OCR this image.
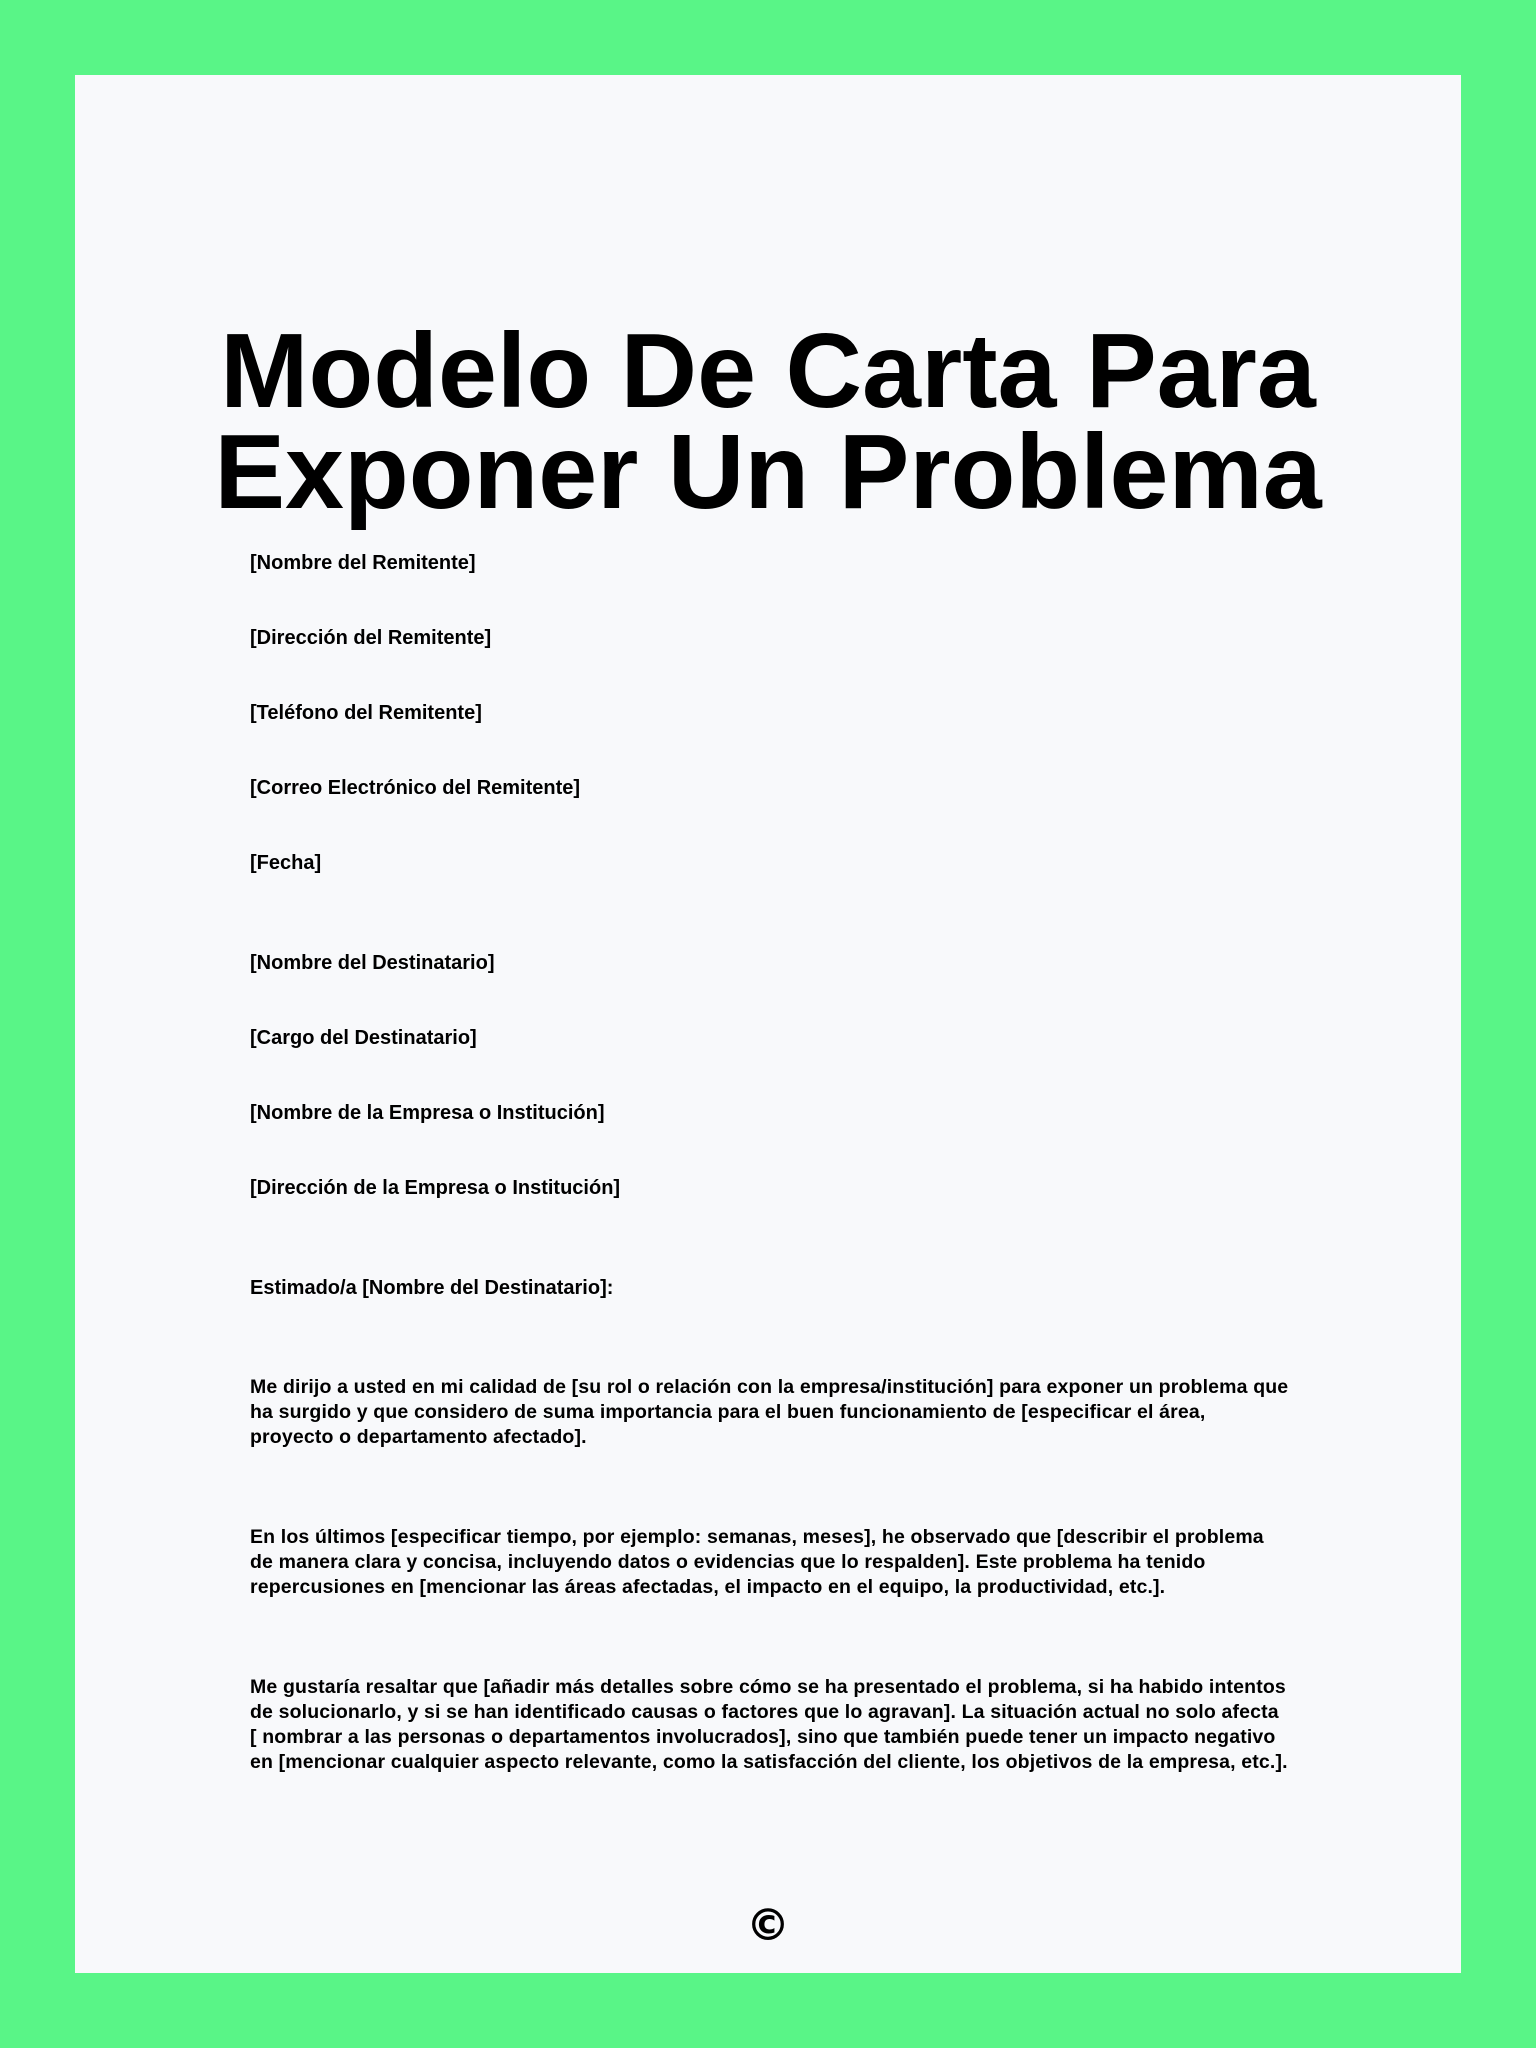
Modelo De Carta Para Exponer Un Problema

[Nombre del Remitente]

[Dirección del Remitente]

[Teléfono del Remitente]

[Correo Electrónico del Remitente]

[Fecha]

[Nombre del Destinatario]

[Cargo del Destinatario]

[Nombre de la Empresa o Institución]

[Dirección de la Empresa o Institución]

Estimado/a [Nombre del Destinatario]:

Me dirijo a usted en mi calidad de [su rol o relación con la empresa/institución] para exponer un problema que ha surgido y que considero de suma importancia para el buen funcionamiento de [especificar el área, proyecto o departamento afectado].

En los últimos [especificar tiempo, por ejemplo: semanas, meses], he observado que [describir el problema de manera clara y concisa, incluyendo datos o evidencias que lo respalden]. Este problema ha tenido repercusiones en [mencionar las áreas afectadas, el impacto en el equipo, la productividad, etc.].

Me gustaría resaltar que [añadir más detalles sobre cómo se ha presentado el problema, si ha habido intentos de solucionarlo, y si se han identificado causas o factores que lo agravan]. La situación actual no solo afecta [ nombrar a las personas o departamentos involucrados], sino que también puede tener un impacto negativo en [mencionar cualquier aspecto relevante, como la satisfacción del cliente, los objetivos de la empresa, etc.].

©
